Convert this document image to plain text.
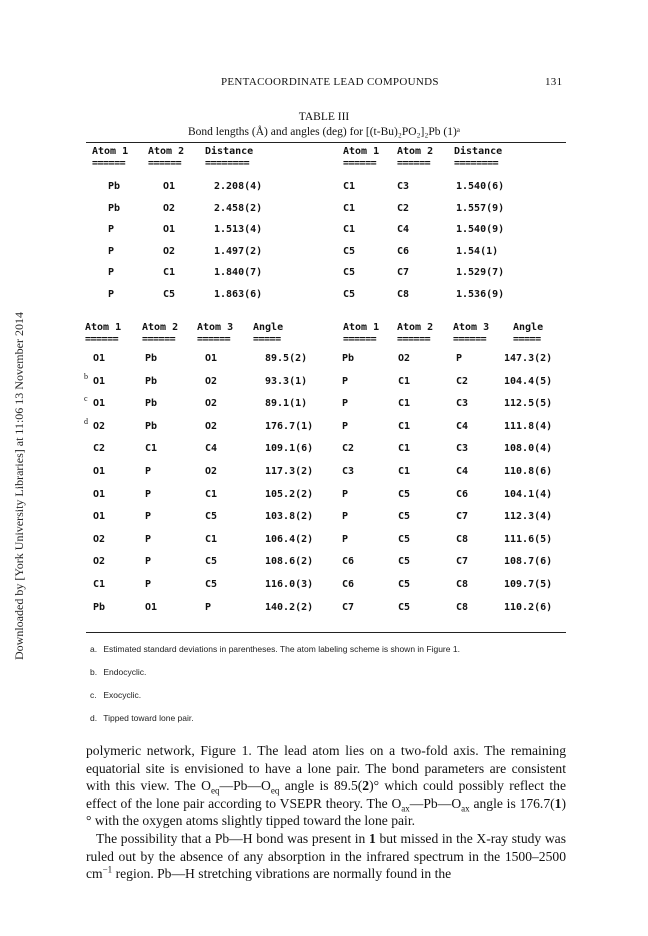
PENTACOORDINATE LEAD COMPOUNDS	131
Downloaded by [York University Libraries] at 11:06 13 November 2014
TABLE III
Bond lengths (Å) and angles (deg) for [(t-Bu)₂PO₂]₂Pb (1)ᵃ
Atom 1 Atom 2 Distance	Atom 1 Atom 2 Distance
====== ====== ========	====== ====== ========
Pb	O1	2.208(4)	C1	C3	1.540(6)
Pb	O2	2.458(2)	C1	C2	1.557(9)
P	O1	1.513(4)	C1	C4	1.540(9)
P	O2	1.497(2)	C5	C6	1.54(1)
P	C1	1.840(7)	C5	C7	1.529(7)
P	C5	1.863(6)	C5	C8	1.536(9)
Atom 1 Atom 2 Atom 3 Angle	Atom 1 Atom 2 Atom 3 Angle
====== ====== ====== =====	====== ====== ======	=====
O1	Pb	O1	89.5(2)	Pb	O2	P	147.3(2)
b O1	Pb	O2	93.3(1)	P	C1	C2	104.4(5)
c O1	Pb	O2	89.1(1)	P	C1	C3	112.5(5)
d O2	Pb	O2	176.7(1)	P	C1	C4	111.8(4)
C2	C1	C4	109.1(6)	C2	C1	C3	108.0(4)
O1	P	O2	117.3(2)	C3	C1	C4	110.8(6)
O1	P	C1	105.2(2)	P	C5	C6	104.1(4)
O1	P	C5	103.8(2)	P	C5	C7	112.3(4)
O2	P	C1	106.4(2)	P	C5	C8	111.6(5)
O2	P	C5	108.6(2)	C6	C5	C7	108.7(6)
C1	P	C5	116.0(3)	C6	C5	C8	109.7(5)
Pb	O1	P	140.2(2)	C7	C5	C8	110.2(6)
a. Estimated standard deviations in parentheses. The atom labeling scheme is shown in Figure 1.
b. Endocyclic.
c. Exocyclic.
d. Tipped toward lone pair.

polymeric network, Figure 1. The lead atom lies on a two-fold axis. The remaining equatorial site is envisioned to have a lone pair. The bond parameters are consistent with this view. The $O_{eq}—Pb—O_{eq}$ angle is 89.5(2)° which could possibly reflect the effect of the lone pair according to VSEPR theory. The $O_{ax}—Pb—O_{ax}$ angle is 176.7(1)° with the oxygen atoms slightly tipped toward the lone pair.

The possibility that a Pb—H bond was present in 1 but missed in the X-ray study was ruled out by the absence of any absorption in the infrared spectrum in the 1500–2500 $cm^{-1}$ region. Pb—H stretching vibrations are normally found in the
